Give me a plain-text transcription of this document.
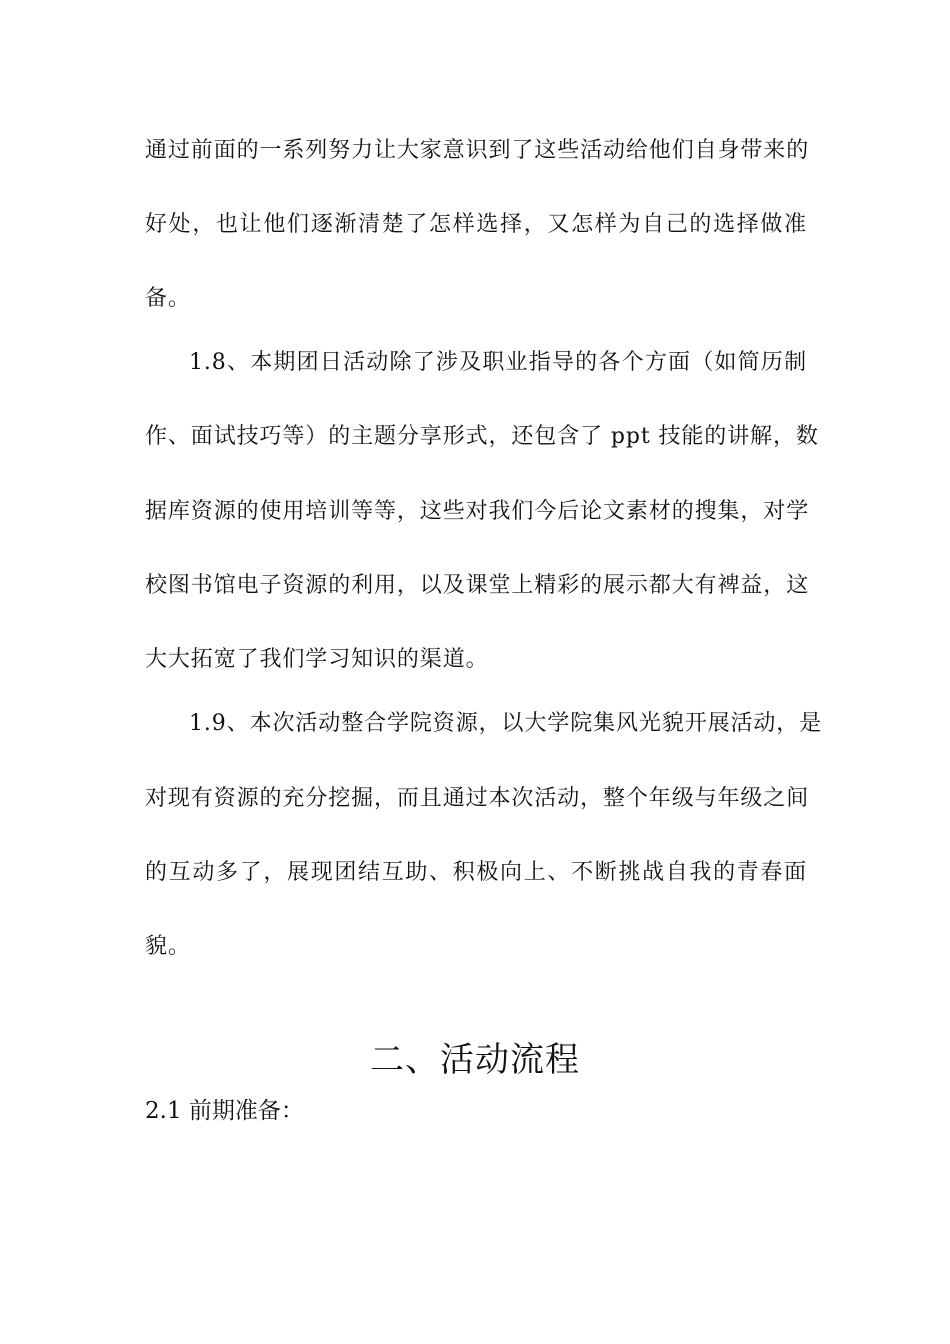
通过前面的一系列努力让大家意识到了这些活动给他们自身带来的
好处，也让他们逐渐清楚了怎样选择，又怎样为自己的选择做准
备。
1.8、本期团日活动除了涉及职业指导的各个方面（如简历制
作、面试技巧等）的主题分享形式，还包含了 ppt 技能的讲解，数
据库资源的使用培训等等，这些对我们今后论文素材的搜集，对学
校图书馆电子资源的利用，以及课堂上精彩的展示都大有裨益，这
大大拓宽了我们学习知识的渠道。
1.9、本次活动整合学院资源，以大学院集风光貌开展活动，是
对现有资源的充分挖掘，而且通过本次活动，整个年级与年级之间
的互动多了，展现团结互助、积极向上、不断挑战自我的青春面
貌。
二、活动流程
2.1 前期准备：
